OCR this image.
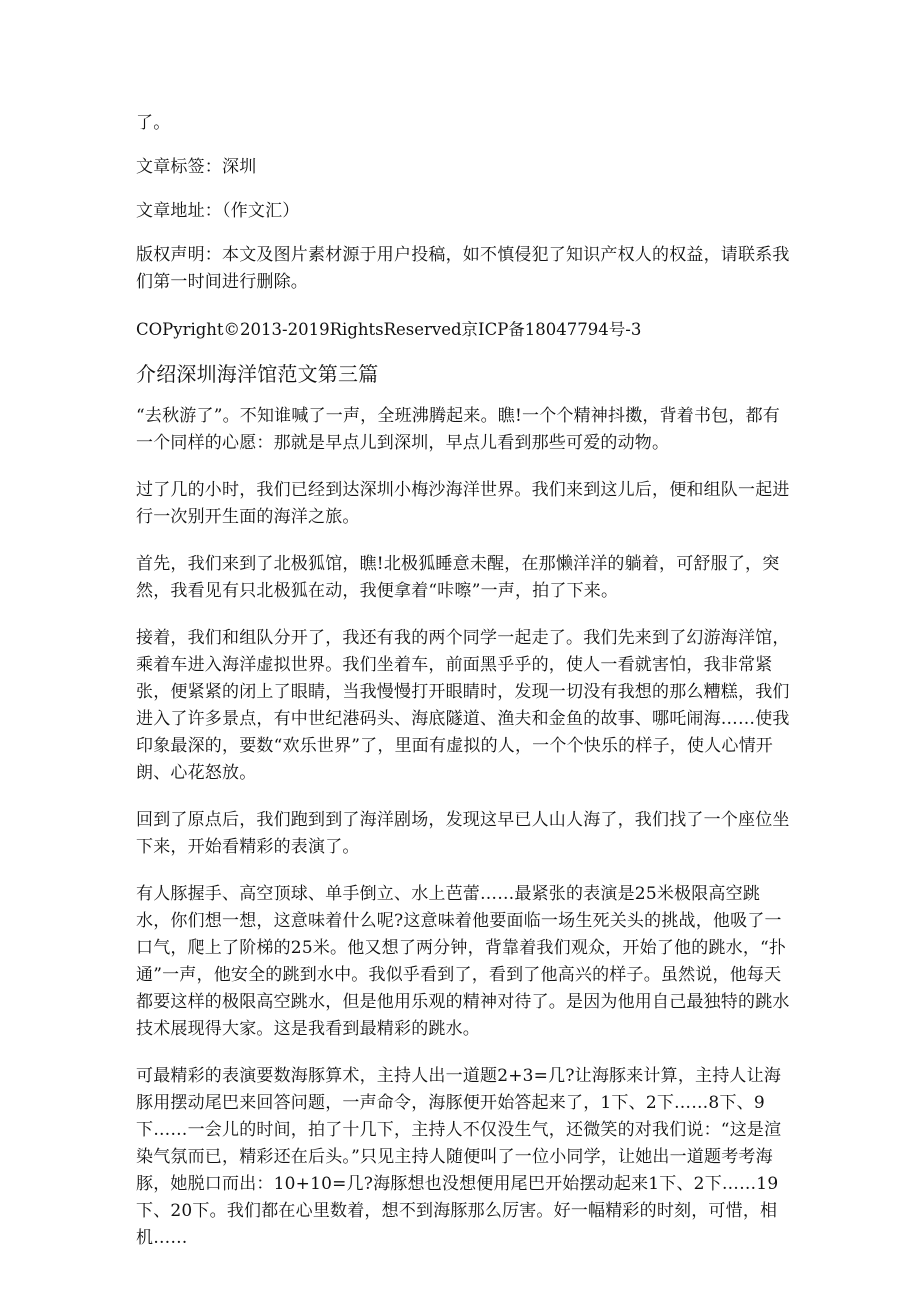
了。

文章标签：深圳

文章地址：（作文汇）

版权声明：本文及图片素材源于用户投稿，如不慎侵犯了知识产权人的权益，请联系我们第一时间进行删除。

COPyright©2013-2019RightsReserved京ICP备18047794号-3

介绍深圳海洋馆范文第三篇

“去秋游了”。不知谁喊了一声，全班沸腾起来。瞧!一个个精神抖擞，背着书包，都有一个同样的心愿：那就是早点儿到深圳，早点儿看到那些可爱的动物。

过了几的小时，我们已经到达深圳小梅沙海洋世界。我们来到这儿后，便和组队一起进行一次别开生面的海洋之旅。

首先，我们来到了北极狐馆，瞧!北极狐睡意未醒，在那懒洋洋的躺着，可舒服了，突然，我看见有只北极狐在动，我便拿着“咔嚓”一声，拍了下来。

接着，我们和组队分开了，我还有我的两个同学一起走了。我们先来到了幻游海洋馆，乘着车进入海洋虚拟世界。我们坐着车，前面黑乎乎的，使人一看就害怕，我非常紧张，便紧紧的闭上了眼睛，当我慢慢打开眼睛时，发现一切没有我想的那么糟糕，我们进入了许多景点，有中世纪港码头、海底隧道、渔夫和金鱼的故事、哪吒闹海……使我印象最深的，要数“欢乐世界”了，里面有虚拟的人，一个个快乐的样子，使人心情开朗、心花怒放。

回到了原点后，我们跑到到了海洋剧场，发现这早已人山人海了，我们找了一个座位坐下来，开始看精彩的表演了。

有人豚握手、高空顶球、单手倒立、水上芭蕾……最紧张的表演是25米极限高空跳水，你们想一想，这意味着什么呢?这意味着他要面临一场生死关头的挑战，他吸了一口气，爬上了阶梯的25米。他又想了两分钟，背靠着我们观众，开始了他的跳水，“扑通”一声，他安全的跳到水中。我似乎看到了，看到了他高兴的样子。虽然说，他每天都要这样的极限高空跳水，但是他用乐观的精神对待了。是因为他用自己最独特的跳水技术展现得大家。这是我看到最精彩的跳水。

可最精彩的表演要数海豚算术，主持人出一道题2+3=几?让海豚来计算，主持人让海豚用摆动尾巴来回答问题，一声命令，海豚便开始答起来了，1下、2下……8下、9下……一会儿的时间，拍了十几下，主持人不仅没生气，还微笑的对我们说：“这是渲染气氛而已，精彩还在后头。”只见主持人随便叫了一位小同学，让她出一道题考考海豚，她脱口而出：10+10=几?海豚想也没想便用尾巴开始摆动起来1下、2下……19下、20下。我们都在心里数着，想不到海豚那么厉害。好一幅精彩的时刻，可惜，相机……
